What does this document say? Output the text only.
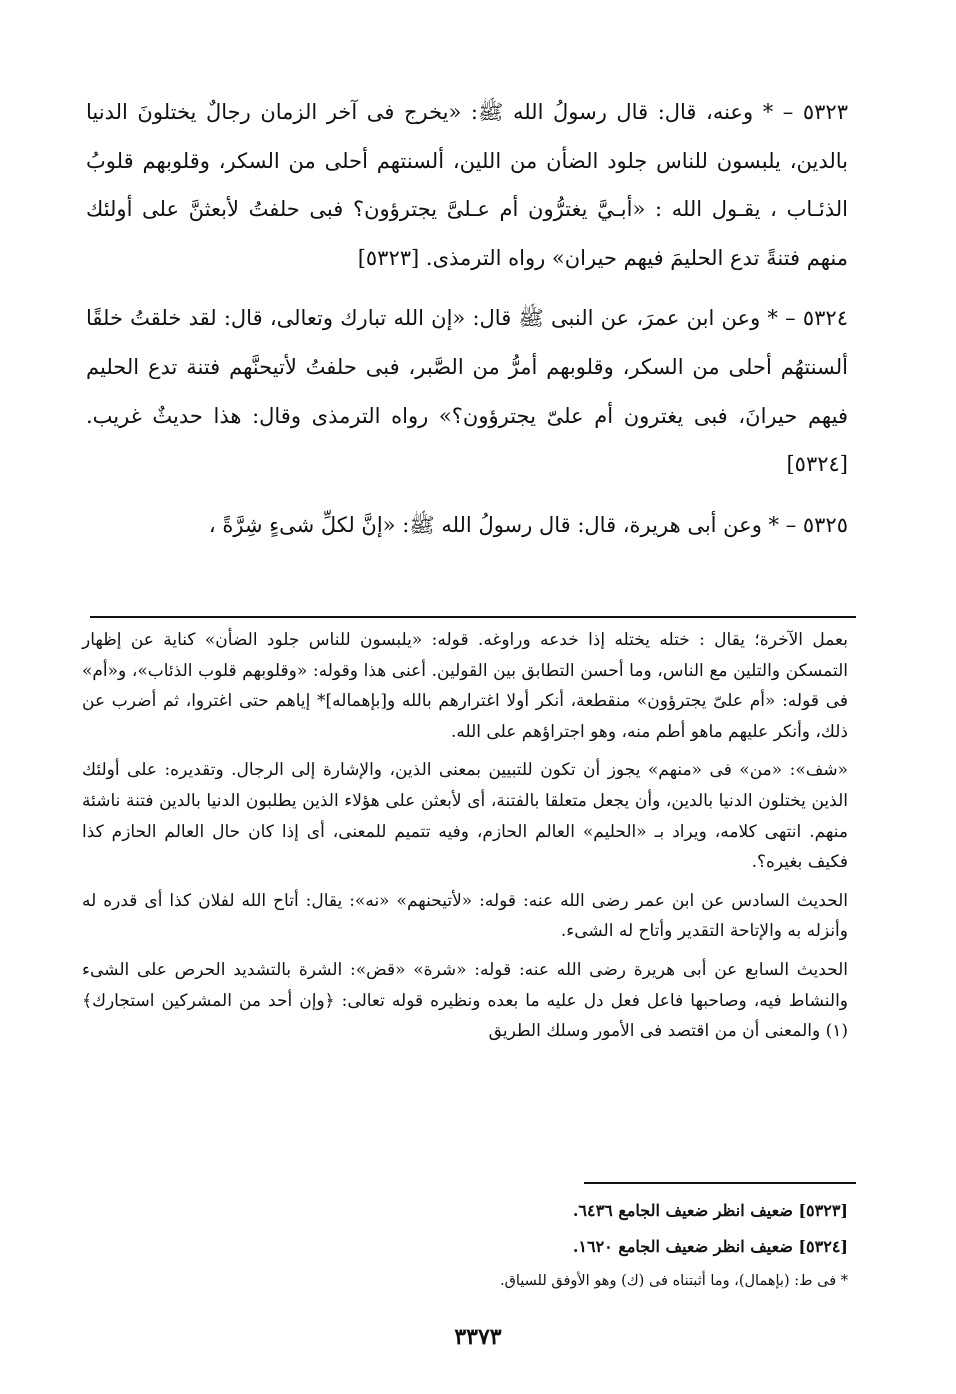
٥٣٢٣ – * وعنه، قال: قال رسولُ الله ﷺ: «يخرج فى آخر الزمان رجالٌ يختلونَ الدنيا بالدين، يلبسون للناس جلود الضأن من اللين، ألسنتهم أحلى من السكر، وقلوبهم قلوبُ الذئـاب ، يقـول الله : «أبـيَّ يغترُّون أم عـلىَّ يجترؤون؟ فبى حلفتُ لأبعثنَّ على أولئك منهم فتنةً تدع الحليمَ فيهم حيران» رواه الترمذى. [٥٣٢٣]

٥٣٢٤ – * وعن ابن عمرَ، عن النبى ﷺ قال: «إن الله تبارك وتعالى، قال: لقد خلقتُ خلقًا ألسنتهُم أحلى من السكر، وقلوبهم أمرُّ من الصَّبر، فبى حلفتُ لأتيحنَّهم فتنة تدع الحليم فيهم حيرانَ، فبى يغترون أم علىّ يجترؤون؟» رواه الترمذى وقال: هذا حديثٌ غريب. [٥٣٢٤]

٥٣٢٥ – * وعن أبى هريرة، قال: قال رسولُ الله ﷺ: «إنَّ لكلِّ شىءٍ شِرَّةً ،

بعمل الآخرة؛ يقال : ختله يختله إذا خدعه وراوغه. قوله: «يلبسون للناس جلود الضأن» كناية عن إظهار التمسكن والتلين مع الناس، وما أحسن التطابق بين القولين. أعنى هذا وقوله: «وقلوبهم قلوب الذئاب»، و«أم» فى قوله: «أم علىّ يجترؤون» منقطعة، أنكر أولا اغترارهم بالله و[بإهماله]* إياهم حتى اغتروا، ثم أضرب عن ذلك، وأنكر عليهم ماهو أطم منه، وهو اجتراؤهم على الله.

«شف»: «من» فى «منهم» يجوز أن تكون للتبيين بمعنى الذين، والإشارة إلى الرجال. وتقديره: على أولئك الذين يختلون الدنيا بالدين، وأن يجعل متعلقا بالفتنة، أى لأبعثن على هؤلاء الذين يطلبون الدنيا بالدين فتنة ناشئة منهم. انتهى كلامه، ويراد بـ «الحليم» العالم الحازم، وفيه تتميم للمعنى، أى إذا كان حال العالم الحازم كذا فكيف بغيره؟.

الحديث السادس عن ابن عمر رضى الله عنه: قوله: «لأتيحنهم» «نه»: يقال: أتاح الله لفلان كذا أى قدره له وأنزله به والإتاحة التقدير وأتاح له الشىء.

الحديث السابع عن أبى هريرة رضى الله عنه: قوله: «شرة» «قض»: الشرة بالتشديد الحرص على الشىء والنشاط فيه، وصاحبها فاعل فعل دل عليه ما بعده ونظيره قوله تعالى: ﴿وإن أحد من المشركين استجارك﴾ (١) والمعنى أن من اقتصد فى الأمور وسلك الطريق

[٥٣٢٣] ضعيف انظر ضعيف الجامع ٦٤٣٦.
[٥٣٢٤] ضعيف انظر ضعيف الجامع ١٦٢٠.
* فى ط: (بإهمال)، وما أثبتناه فى (ك) وهو الأوفق للسياق.
٣٣٧٣
